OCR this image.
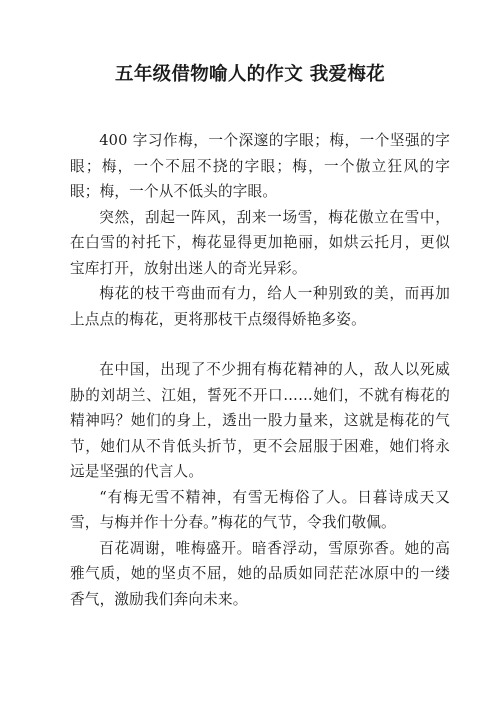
五年级借物喻人的作文 我爱梅花

400 字习作梅，一个深邃的字眼；梅，一个坚强的字眼；梅，一个不屈不挠的字眼；梅，一个傲立狂风的字眼；梅，一个从不低头的字眼。

突然，刮起一阵风，刮来一场雪，梅花傲立在雪中，在白雪的衬托下，梅花显得更加艳丽，如烘云托月，更似宝库打开，放射出迷人的奇光异彩。

梅花的枝干弯曲而有力，给人一种别致的美，而再加上点点的梅花，更将那枝干点缀得娇艳多姿。

在中国，出现了不少拥有梅花精神的人，敌人以死威胁的刘胡兰、江姐，誓死不开口……她们，不就有梅花的精神吗？她们的身上，透出一股力量来，这就是梅花的气节，她们从不肯低头折节，更不会屈服于困难，她们将永远是坚强的代言人。

“有梅无雪不精神，有雪无梅俗了人。日暮诗成天又雪，与梅并作十分春。”梅花的气节，令我们敬佩。

百花凋谢，唯梅盛开。暗香浮动，雪原弥香。她的高雅气质，她的坚贞不屈，她的品质如同茫茫冰原中的一缕香气，激励我们奔向未来。
